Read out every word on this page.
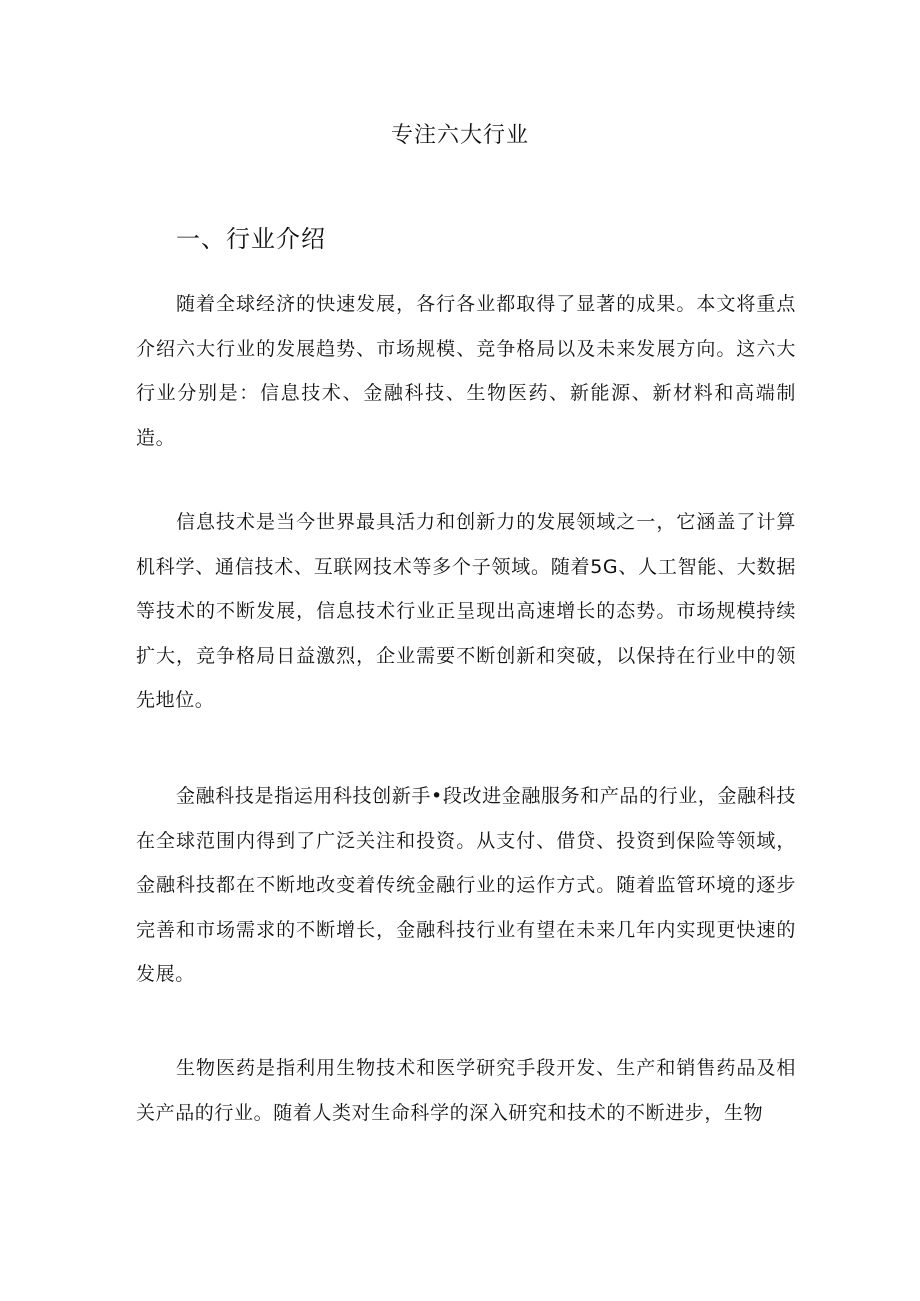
专注六大行业
一、行业介绍

随着全球经济的快速发展，各行各业都取得了显著的成果。本文将重点介绍六大行业的发展趋势、市场规模、竞争格局以及未来发展方向。这六大行业分别是：信息技术、金融科技、生物医药、新能源、新材料和高端制造。

信息技术是当今世界最具活力和创新力的发展领域之一，它涵盖了计算机科学、通信技术、互联网技术等多个子领域。随着5G、人工智能、大数据等技术的不断发展，信息技术行业正呈现出高速增长的态势。市场规模持续扩大，竞争格局日益激烈，企业需要不断创新和突破，以保持在行业中的领先地位。

金融科技是指运用科技创新手•段改进金融服务和产品的行业，金融科技在全球范围内得到了广泛关注和投资。从支付、借贷、投资到保险等领域，金融科技都在不断地改变着传统金融行业的运作方式。随着监管环境的逐步完善和市场需求的不断增长，金融科技行业有望在未来几年内实现更快速的发展。

生物医药是指利用生物技术和医学研究手段开发、生产和销售药品及相关产品的行业。随着人类对生命科学的深入研究和技术的不断进步，生物
